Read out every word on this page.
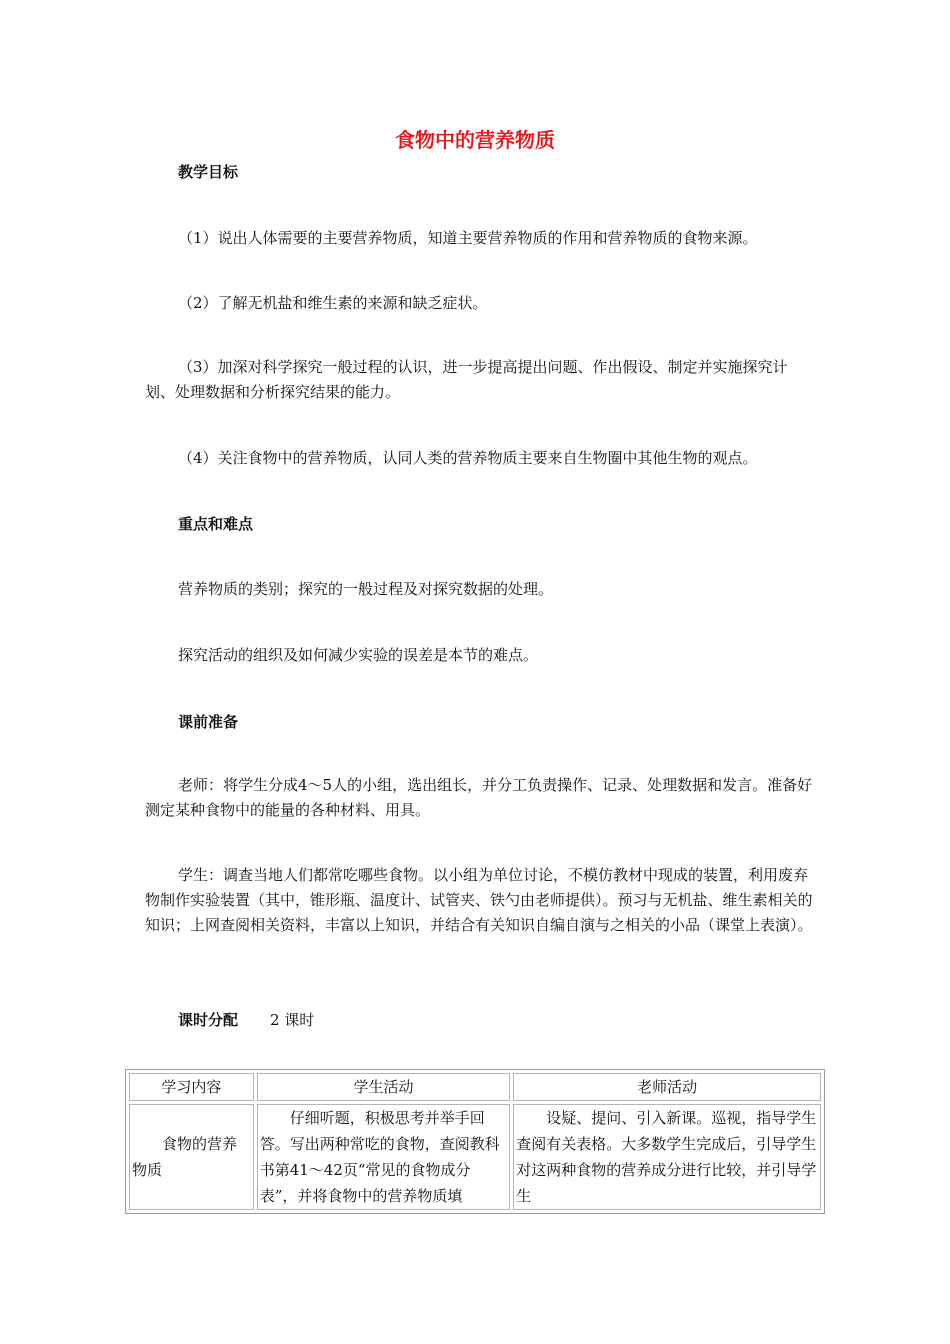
食物中的营养物质
教学目标
（1）说出人体需要的主要营养物质，知道主要营养物质的作用和营养物质的食物来源。
（2）了解无机盐和维生素的来源和缺乏症状。
（3）加深对科学探究一般过程的认识，进一步提高提出问题、作出假设、制定并实施探究计划、处理数据和分析探究结果的能力。
（4）关注食物中的营养物质，认同人类的营养物质主要来自生物圈中其他生物的观点。
重点和难点
营养物质的类别；探究的一般过程及对探究数据的处理。
探究活动的组织及如何减少实验的误差是本节的难点。
课前准备
老师：将学生分成4～5人的小组，选出组长，并分工负责操作、记录、处理数据和发言。准备好测定某种食物中的能量的各种材料、用具。
学生：调查当地人们都常吃哪些食物。以小组为单位讨论，不模仿教材中现成的装置，利用废弃物制作实验装置（其中，锥形瓶、温度计、试管夹、铁勺由老师提供）。预习与无机盐、维生素相关的知识；上网查阅相关资料，丰富以上知识，并结合有关知识自编自演与之相关的小品（课堂上表演）。
课时分配 2 课时
学习内容	学生活动	老师活动

食物的营养物质	仔细听题，积极思考并举手回答。写出两种常吃的食物，查阅教科书第41～42页“常见的食物成分表”，并将食物中的营养物质填	设疑、提问、引入新课。巡视，指导学生查阅有关表格。大多数学生完成后，引导学生对这两种食物的营养成分进行比较，并引导学生
